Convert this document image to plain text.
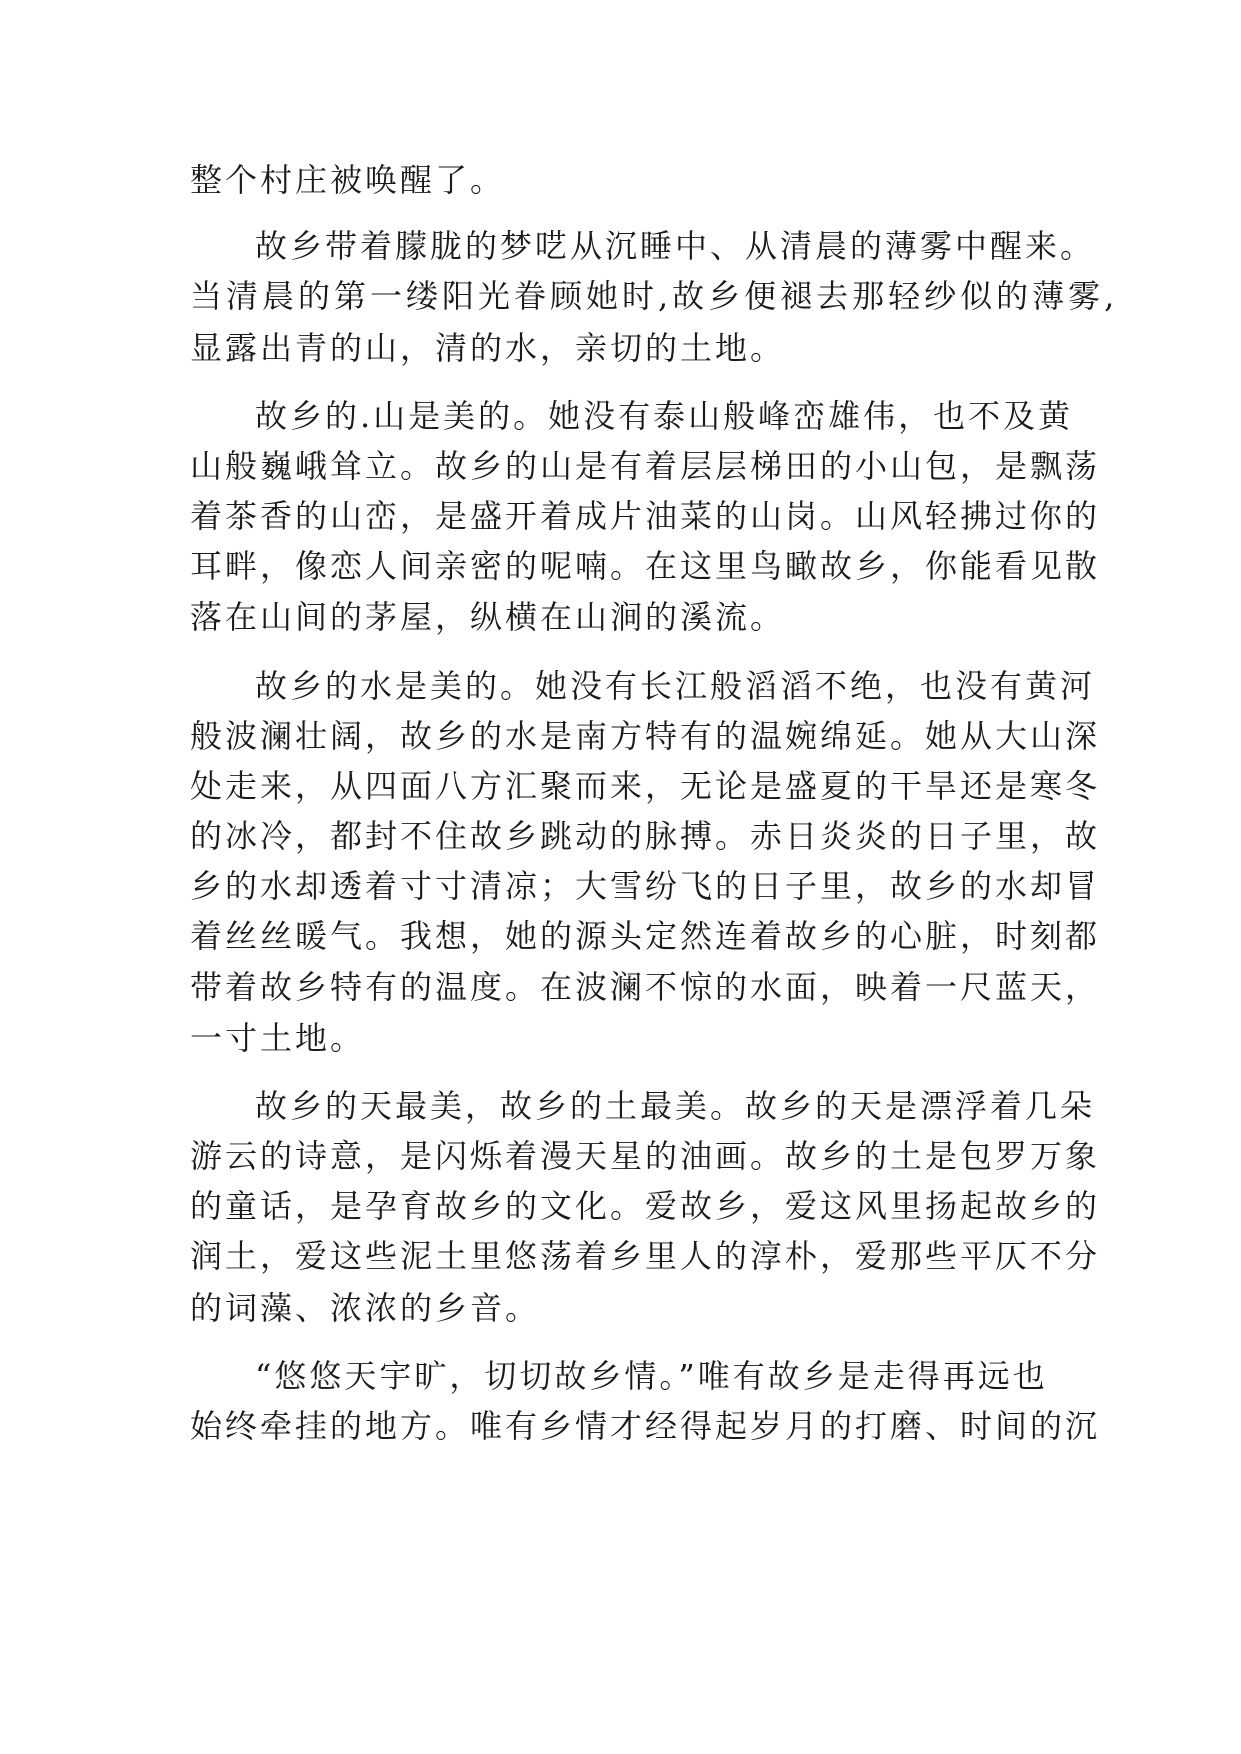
整个村庄被唤醒了。
故乡带着朦胧的梦呓从沉睡中、从清晨的薄雾中醒来。
当清晨的第一缕阳光眷顾她时,故乡便褪去那轻纱似的薄雾,
显露出青的山，清的水，亲切的土地。
故乡的.山是美的。她没有泰山般峰峦雄伟，也不及黄
山般巍峨耸立。故乡的山是有着层层梯田的小山包，是飘荡
着茶香的山峦，是盛开着成片油菜的山岗。山风轻拂过你的
耳畔，像恋人间亲密的呢喃。在这里鸟瞰故乡，你能看见散
落在山间的茅屋，纵横在山涧的溪流。
故乡的水是美的。她没有长江般滔滔不绝，也没有黄河
般波澜壮阔，故乡的水是南方特有的温婉绵延。她从大山深
处走来，从四面八方汇聚而来，无论是盛夏的干旱还是寒冬
的冰冷，都封不住故乡跳动的脉搏。赤日炎炎的日子里，故
乡的水却透着寸寸清凉；大雪纷飞的日子里，故乡的水却冒
着丝丝暖气。我想，她的源头定然连着故乡的心脏，时刻都
带着故乡特有的温度。在波澜不惊的水面，映着一尺蓝天，
一寸土地。
故乡的天最美，故乡的土最美。故乡的天是漂浮着几朵
游云的诗意，是闪烁着漫天星的油画。故乡的土是包罗万象
的童话，是孕育故乡的文化。爱故乡，爱这风里扬起故乡的
润土，爱这些泥土里悠荡着乡里人的淳朴，爱那些平仄不分
的词藻、浓浓的乡音。
“悠悠天宇旷，切切故乡情。”唯有故乡是走得再远也
始终牵挂的地方。唯有乡情才经得起岁月的打磨、时间的沉
